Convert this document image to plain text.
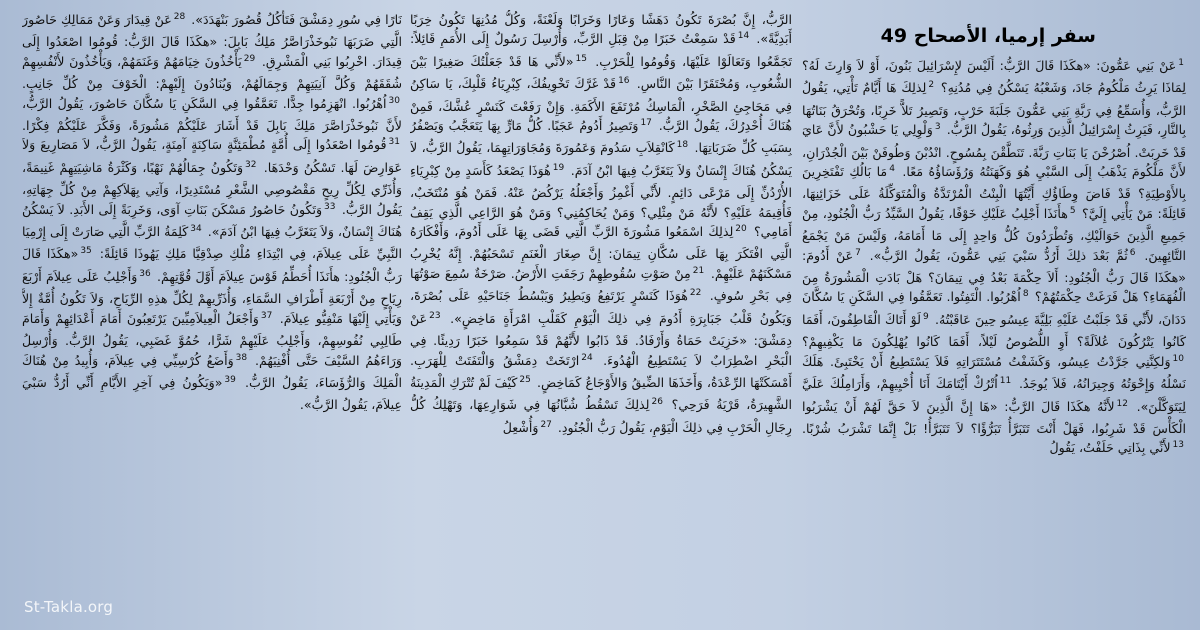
سفر إرميا، الأصحاح 49
$^1$عَنْ بَنِي عَمُّونَ: «هكَذَا قَالَ الرَّبُّ: أَلَيْسَ لإِسْرَائِيلَ بَنُونَ، أَوْ لاَ وَارِثَ لَهُ؟ لِمَاذَا يَرِثُ مَلْكُومُ جَادَ، وَشَعْبُهُ يَسْكُنُ فِي مُدُنِهِ؟ $^2$لِذلِكَ هَا أَيَّامٌ تَأْتِي، يَقُولُ الرَّبُّ، وَأُسَمِّعُ فِي رَبَّةِ بَنِي عَمُّونَ جَلَبَةَ حَرْبٍ، وَتَصِيرُ تَلاًّ خَرِبًا، وَتُحْرَقُ بَنَاتُهَا بِالنَّارِ، فَيَرِثُ إِسْرَائِيلُ الَّذِينَ وَرِثُوهُ، يَقُولُ الرَّبُّ. $^3$وَلْوِلِي يَا حَشْبُونُ لأَنَّ عَايَ قَدْ خَرِبَتْ. اُصْرُخْنَ يَا بَنَاتِ رَبَّةَ. تَنَطَّقْنَ بِمُسُوحٍ. انْدُبْنَ وَطُوفَنْ بَيْنَ الْجُدْرَانِ، لأَنَّ مَلْكُومَ يَذْهَبُ إِلَى السَّبْيِ هُوَ وَكَهَنَتُهُ وَرُؤَسَاؤُهُ مَعًا. $^4$مَا بَالُكِ تَفْتَخِرِينَ بِالأَوْطِيَةِ؟ قَدْ فَاضَ وِطَاؤُكِ أَيَّتُهَا الْبِنْتُ الْمُرْتَدَّةُ وَالْمُتَوَكِّلَةُ عَلَى خَزَائِنِهَا، قَائِلَةً: مَنْ يَأْتِي إِلَيَّ؟ $^5$هأَنَذَا أَجْلِبُ عَلَيْكِ خَوْفًا، يَقُولُ السَّيِّدُ رَبُّ الْجُنُودِ، مِنْ جَمِيعِ الَّذِينَ حَوَالَيْكِ، وَتُطْرَدُونَ كُلُّ وَاحِدٍ إِلَى مَا أَمَامَهُ، وَلَيْسَ مَنْ يَجْمَعُ التَّائِهِينَ. $^6$ثُمَّ بَعْدَ ذلِكَ أَرُدُّ سَبْيَ بَنِي عَمُّونَ، يَقُولُ الرَّبُّ». $^7$عَنْ أَدُومَ: «هكَذَا قَالَ رَبُّ الْجُنُودِ: أَلاَ حِكْمَةَ بَعْدُ فِي تِيمَانَ؟ هَلْ بَادَتِ الْمَشُورَةُ مِنَ الْفُهَمَاءِ؟ هَلْ فَرَغَتْ حِكْمَتُهُمْ؟ $^8$اُهْرُبُوا. الْتَفِتُوا. تَعَمَّقُوا فِي السَّكَنِ يَا سُكَّانَ دَدَانَ، لأَنِّي قَدْ جَلَبْتُ عَلَيْهِ بَلِيَّةَ عِيسُو حِينَ عَاقَبْتُهُ. $^9$لَوْ أَتَاكَ الْقَاطِفُونَ، أَفَمَا كَانُوا يَتْرُكُونَ عُلاَلَةً؟ أَوِ اللُّصُوصُ لَيْلاً، أَفَمَا كَانُوا يُهْلِكُونَ مَا يَكْفِيهِمْ؟ $^{10}$وَلكِنَّنِي جَرَّدْتُ عِيسُو، وَكَشَفْتُ مُسْتَتَرَاتِهِ فَلاَ يَسْتَطِيعُ أَنْ يَخْتَبِئَ. هَلَكَ نَسْلُهُ وَإِخْوَتُهُ وَجِيرَانُهُ، فَلاَ يُوجَدُ. $^{11}$اُتْرُكْ أَيْتَامَكَ أَنَا أُحْيِيهِمْ، وَأَرَامِلُكَ عَلَيَّ لِيَتَوَكَّلْنَ». $^{12}$لأَنَّهُ هكَذَا قَالَ الرَّبُّ: «هَا إِنَّ الَّذِينَ لاَ حَقَّ لَهُمْ أَنْ يَشْرَبُوا الْكَأْسَ قَدْ شَرِبُوا، فَهَلْ أَنْتَ تَتَبَرَّأُ تَبَرُّؤًا؟ لاَ تَتَبَرَّأُ! بَلْ إِنَّمَا تَشْرَبُ شُرْبًا. $^{13}$لأَنِّي بِذَاتِي حَلَفْتُ، يَقُولُ
الرَّبُّ، إِنَّ بُصْرَةَ تَكُونُ دَهَشًا وَعَارًا وَخَرَابًا وَلَعْنَةً، وَكُلُّ مُدُنِهَا تَكُونُ خِرَبًا أَبَدِيَّةً». $^{14}$قَدْ سَمِعْتُ خَبَرًا مِنْ قِبَلِ الرَّبِّ، وَأُرْسِلَ رَسُولٌ إِلَى الأُمَمِ قَائِلاً: تَجَمَّعُوا وَتَعَالَوْا عَلَيْهَا، وَقُومُوا لِلْحَرْبِ. $^{15}$«لأَنِّي هَا قَدْ جَعَلْتُكَ صَغِيرًا بَيْنَ الشُّعُوبِ، وَمُحْتَقَرًا بَيْنَ النَّاسِ. $^{16}$قَدْ غَرَّكَ تَخْوِيفُكَ، كِبْرِيَاءُ قَلْبِكَ، يَا سَاكِنُ فِي مَحَاجِئِ الصَّخْرِ، الْمَاسِكُ مُرْتَفَعَ الأَكَمَةِ. وَإِنْ رَفَعْتَ كَنَسْرٍ عُشَّكَ، فَمِنْ هُنَاكَ أُحْدِرُكَ، يَقُولُ الرَّبُّ. $^{17}$وَتَصِيرُ أَدُومُ عَجَبًا. كُلُّ مَارٍّ بِهَا يَتَعَجَّبُ وَيَصْفُرُ بِسَبَبِ كُلِّ ضَرَبَاتِهَا. $^{18}$كَانْقِلاَبِ سَدُومَ وَعَمُورَةَ وَمُجَاوَرَاتِهِمَا، يَقُولُ الرَّبُّ، لاَ يَسْكُنُ هُنَاكَ إِنْسَانٌ وَلاَ يَتَغَرَّبُ فِيهَا ابْنُ آدَمَ. $^{19}$هُوَذَا يَصْعَدُ كَأَسَدٍ مِنْ كِبْرِيَاءِ الأُرْدُنِّ إِلَى مَرْعًى دَائِمٍ. لأَنِّي أَغْمِزُ وَأَجْعَلُهُ يَرْكُضُ عَنْهُ. فَمَنْ هُوَ مُنْتَخَبٌ، فَأُقِيمَهُ عَلَيْهِ؟ لأَنَّهُ مَنْ مِثْلِي؟ وَمَنْ يُحَاكِمُنِي؟ وَمَنْ هُوَ الرَّاعِي الَّذِي يَقِفُ أَمَامِي؟ $^{20}$لِذلِكَ اسْمَعُوا مَشُورَةَ الرَّبِّ الَّتِي قَضَى بِهَا عَلَى أَدُومَ، وَأَفْكَارَهُ الَّتِي افْتَكَرَ بِهَا عَلَى سُكَّانِ تِيمَانَ: إِنَّ صِغَارَ الْغَنَمِ تَسْحَبُهُمْ. إِنَّهُ يُخْرِبُ مَسْكَنَهُمْ عَلَيْهِمْ. $^{21}$مِنْ صَوْتِ سُقُوطِهِمْ رَجَفَتِ الأَرْضُ. صَرْخَةٌ سُمِعَ صَوْتُهَا فِي بَحْرِ سُوفٍ. $^{22}$هُوَذَا كَنَسْرٍ يَرْتَفِعُ وَيَطِيرُ وَيَبْسُطُ جَنَاحَيْهِ عَلَى بُصْرَةَ، وَيَكُونُ قَلْبُ جَبَابِرَةِ أَدُومَ فِي ذلِكَ الْيَوْمِ كَقَلْبِ امْرَأَةٍ مَاخِضٍ». $^{23}$عَنْ دِمَشْقَ: «خَزِيَتْ حَمَاةُ وَأَرْفَادُ. قَدْ ذَابُوا لأَنَّهُمْ قَدْ سَمِعُوا خَبَرًا رَدِيئًا. فِي الْبَحْرِ اضْطِرَابٌ لاَ يَسْتَطِيعُ الْهُدُوءَ. $^{24}$ارْتَخَتْ دِمَشْقُ وَالْتَفَتَتْ لِلْهَرَبِ. أَمْسَكَتْهَا الرِّعْدَةُ، وَأَخَذَهَا الضِّيقُ وَالأَوْجَاعُ كَمَاخِضٍ. $^{25}$كَيْفَ لَمْ تُتْرَكِ الْمَدِينَةُ الشَّهِيرَةُ، قَرْيَةُ فَرَحِي؟ $^{26}$لِذلِكَ تَسْقُطُ شُبَّانُهَا فِي شَوَارِعِهَا، وَتَهْلِكُ كُلُّ رِجَالِ الْحَرْبِ فِي ذلِكَ الْيَوْمِ، يَقُولُ رَبُّ الْجُنُودِ. $^{27}$وَأُشْعِلُ
نَارًا فِي سُورِ دِمَشْقَ فَتَأْكُلُ قُصُورَ بَنْهَدَدَ». $^{28}$عَنْ قِيدَارَ وَعَنْ مَمَالِكِ حَاصُورَ الَّتِي ضَرَبَهَا نَبُوخَذْرَاصَّرُ مَلِكُ بَابِلَ: «هكَذَا قَالَ الرَّبُّ: قُومُوا اصْعَدُوا إِلَى قِيدَارَ. اخْرِبُوا بَنِي الْمَشْرِقِ. $^{29}$يَأْخُذُونَ خِيَامَهُمْ وَغَنَمَهُمْ، وَيَأْخُذُونَ لأَنْفُسِهِمْ شُقَقَهُمْ وَكُلَّ آنِيَتِهِمْ وَجِمَالَهُمْ، وَيُنَادُونَ إِلَيْهِمْ: الْخَوْفَ مِنْ كُلِّ جَانِبٍ. $^{30}$اُهْرُبُوا. انْهَزِمُوا جِدًّا. تَعَمَّقُوا فِي السَّكَنِ يَا سُكَّانَ حَاصُورَ، يَقُولُ الرَّبُّ، لأَنَّ نَبُوخَذْرَاصَّرَ مَلِكَ بَابِلَ قَدْ أَشَارَ عَلَيْكُمْ مَشُورَةً، وَفَكَّرَ عَلَيْكُمْ فِكْرًا. $^{31}$قُومُوا اصْعَدُوا إِلَى أُمَّةٍ مُطْمَئِنَّةٍ سَاكِنَةٍ آمِنَةٍ، يَقُولُ الرَّبُّ، لاَ مَصَارِيعَ وَلاَ عَوَارِضَ لَهَا. تَسْكُنُ وَحْدَهَا. $^{32}$وَتَكُونُ جِمَالُهُمْ نَهْبًا، وَكَثْرَةُ مَاشِيَتِهِمْ غَنِيمَةً، وَأُذَرِّي لِكُلِّ رِيحٍ مَقْصُوصِي الشَّعْرِ مُسْتَدِيرًا، وَآتِي بِهَلاَكِهِمْ مِنْ كُلِّ جِهَاتِهِ، يَقُولُ الرَّبُّ. $^{33}$وَتَكُونُ حَاصُورُ مَسْكَنَ بَنَاتِ آوَى، وَخَرِبَةً إِلَى الأَبَدِ. لاَ يَسْكُنُ هُنَاكَ إِنْسَانٌ، وَلاَ يَتَغَرَّبُ فِيهَا ابْنُ آدَمَ». $^{34}$كَلِمَةُ الرَّبِّ الَّتِي صَارَتْ إِلَى إِرْمِيَا النَّبِيِّ عَلَى عِيلاَمَ، فِي ابْتِدَاءِ مُلْكِ صِدْقِيَّا مَلِكِ يَهُوذَا قَائِلَةً: $^{35}$«هكَذَا قَالَ رَبُّ الْجُنُودِ: هأَنَذَا أُحَطِّمُ قَوْسَ عِيلاَمَ أَوَّلَ قُوَّتِهِمْ. $^{36}$وَأَجْلِبُ عَلَى عِيلاَمَ أَرْبَعَ رِيَاحٍ مِنْ أَرْبَعَةِ أَطْرَافِ السَّمَاءِ، وَأُذَرِّيهِمْ لِكُلِّ هذِهِ الرِّيَاحِ، وَلاَ تَكُونُ أُمَّةٌ إِلاَّ وَيَأْتِي إِلَيْهَا مَنْفِيُّو عِيلاَمَ. $^{37}$وَأَجْعَلُ الْعِيلاَمِيِّينَ يَرْتَعِبُونَ أَمَامَ أَعْدَائِهِمْ وَأَمَامَ طَالِبِي نُفُوسِهِمْ، وَأَجْلِبُ عَلَيْهِمْ شَرًّا، حُمُوَّ غَضَبِي، يَقُولُ الرَّبُّ. وَأُرْسِلُ وَرَاءَهُمُ السَّيْفَ حَتَّى أُفْنِيَهُمْ. $^{38}$وَأَضَعُ كُرْسِيِّي فِي عِيلاَمَ، وَأُبِيدُ مِنْ هُنَاكَ الْمَلِكَ وَالرُّؤَسَاءَ، يَقُولُ الرَّبُّ. $^{39}$«وَيَكُونُ فِي آخِرِ الأَيَّامِ أَنِّي أَرُدُّ سَبْيَ عِيلاَمَ، يَقُولُ الرَّبُّ».
St-Takla.org
